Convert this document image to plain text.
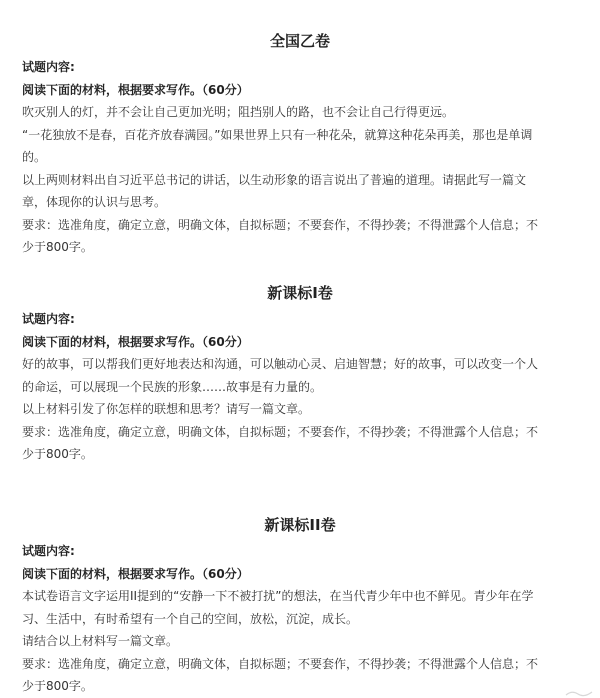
全国乙卷
试题内容:
阅读下面的材料，根据要求写作。（60分）
吹灭别人的灯，并不会让自己更加光明；阻挡别人的路，也不会让自己行得更远。
“一花独放不是春，百花齐放春满园。”如果世界上只有一种花朵，就算这种花朵再美，那也是单调
的。
以上两则材料出自习近平总书记的讲话，以生动形象的语言说出了普遍的道理。请据此写一篇文
章，体现你的认识与思考。
要求：选准角度，确定立意，明确文体，自拟标题；不要套作，不得抄袭；不得泄露个人信息；不
少于800字。
新课标I卷
试题内容:
阅读下面的材料，根据要求写作。（60分）
好的故事，可以帮我们更好地表达和沟通，可以触动心灵、启迪智慧；好的故事，可以改变一个人
的命运，可以展现一个民族的形象……故事是有力量的。
以上材料引发了你怎样的联想和思考？请写一篇文章。
要求：选准角度，确定立意，明确文体，自拟标题；不要套作，不得抄袭；不得泄露个人信息；不
少于800字。
新课标II卷
试题内容:
阅读下面的材料，根据要求写作。（60分）
本试卷语言文字运用II提到的“安静一下不被打扰”的想法，在当代青少年中也不鲜见。青少年在学
习、生活中，有时希望有一个自己的空间，放松，沉淀，成长。
请结合以上材料写一篇文章。
要求：选准角度，确定立意，明确文体，自拟标题；不要套作，不得抄袭；不得泄露个人信息；不
少于800字。
